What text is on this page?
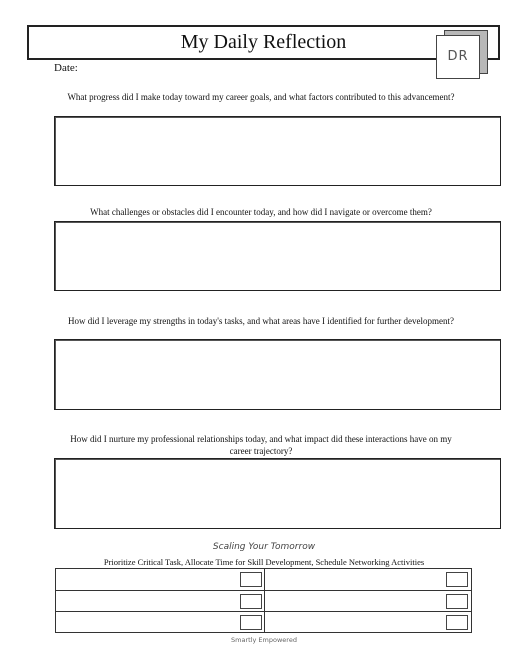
My Daily Reflection
DR
Date:
What progress did I make today toward my career goals, and what factors contributed to this advancement?
What challenges or obstacles did I encounter today, and how did I navigate or overcome them?
How did I leverage my strengths in today's tasks, and what areas have I identified for further development?
How did I nurture my professional relationships today, and what impact did these interactions have on my career trajectory?
Scaling Your Tomorrow
Prioritize Critical Task, Allocate Time for Skill Development, Schedule Networking Activities
Smartly Empowered
